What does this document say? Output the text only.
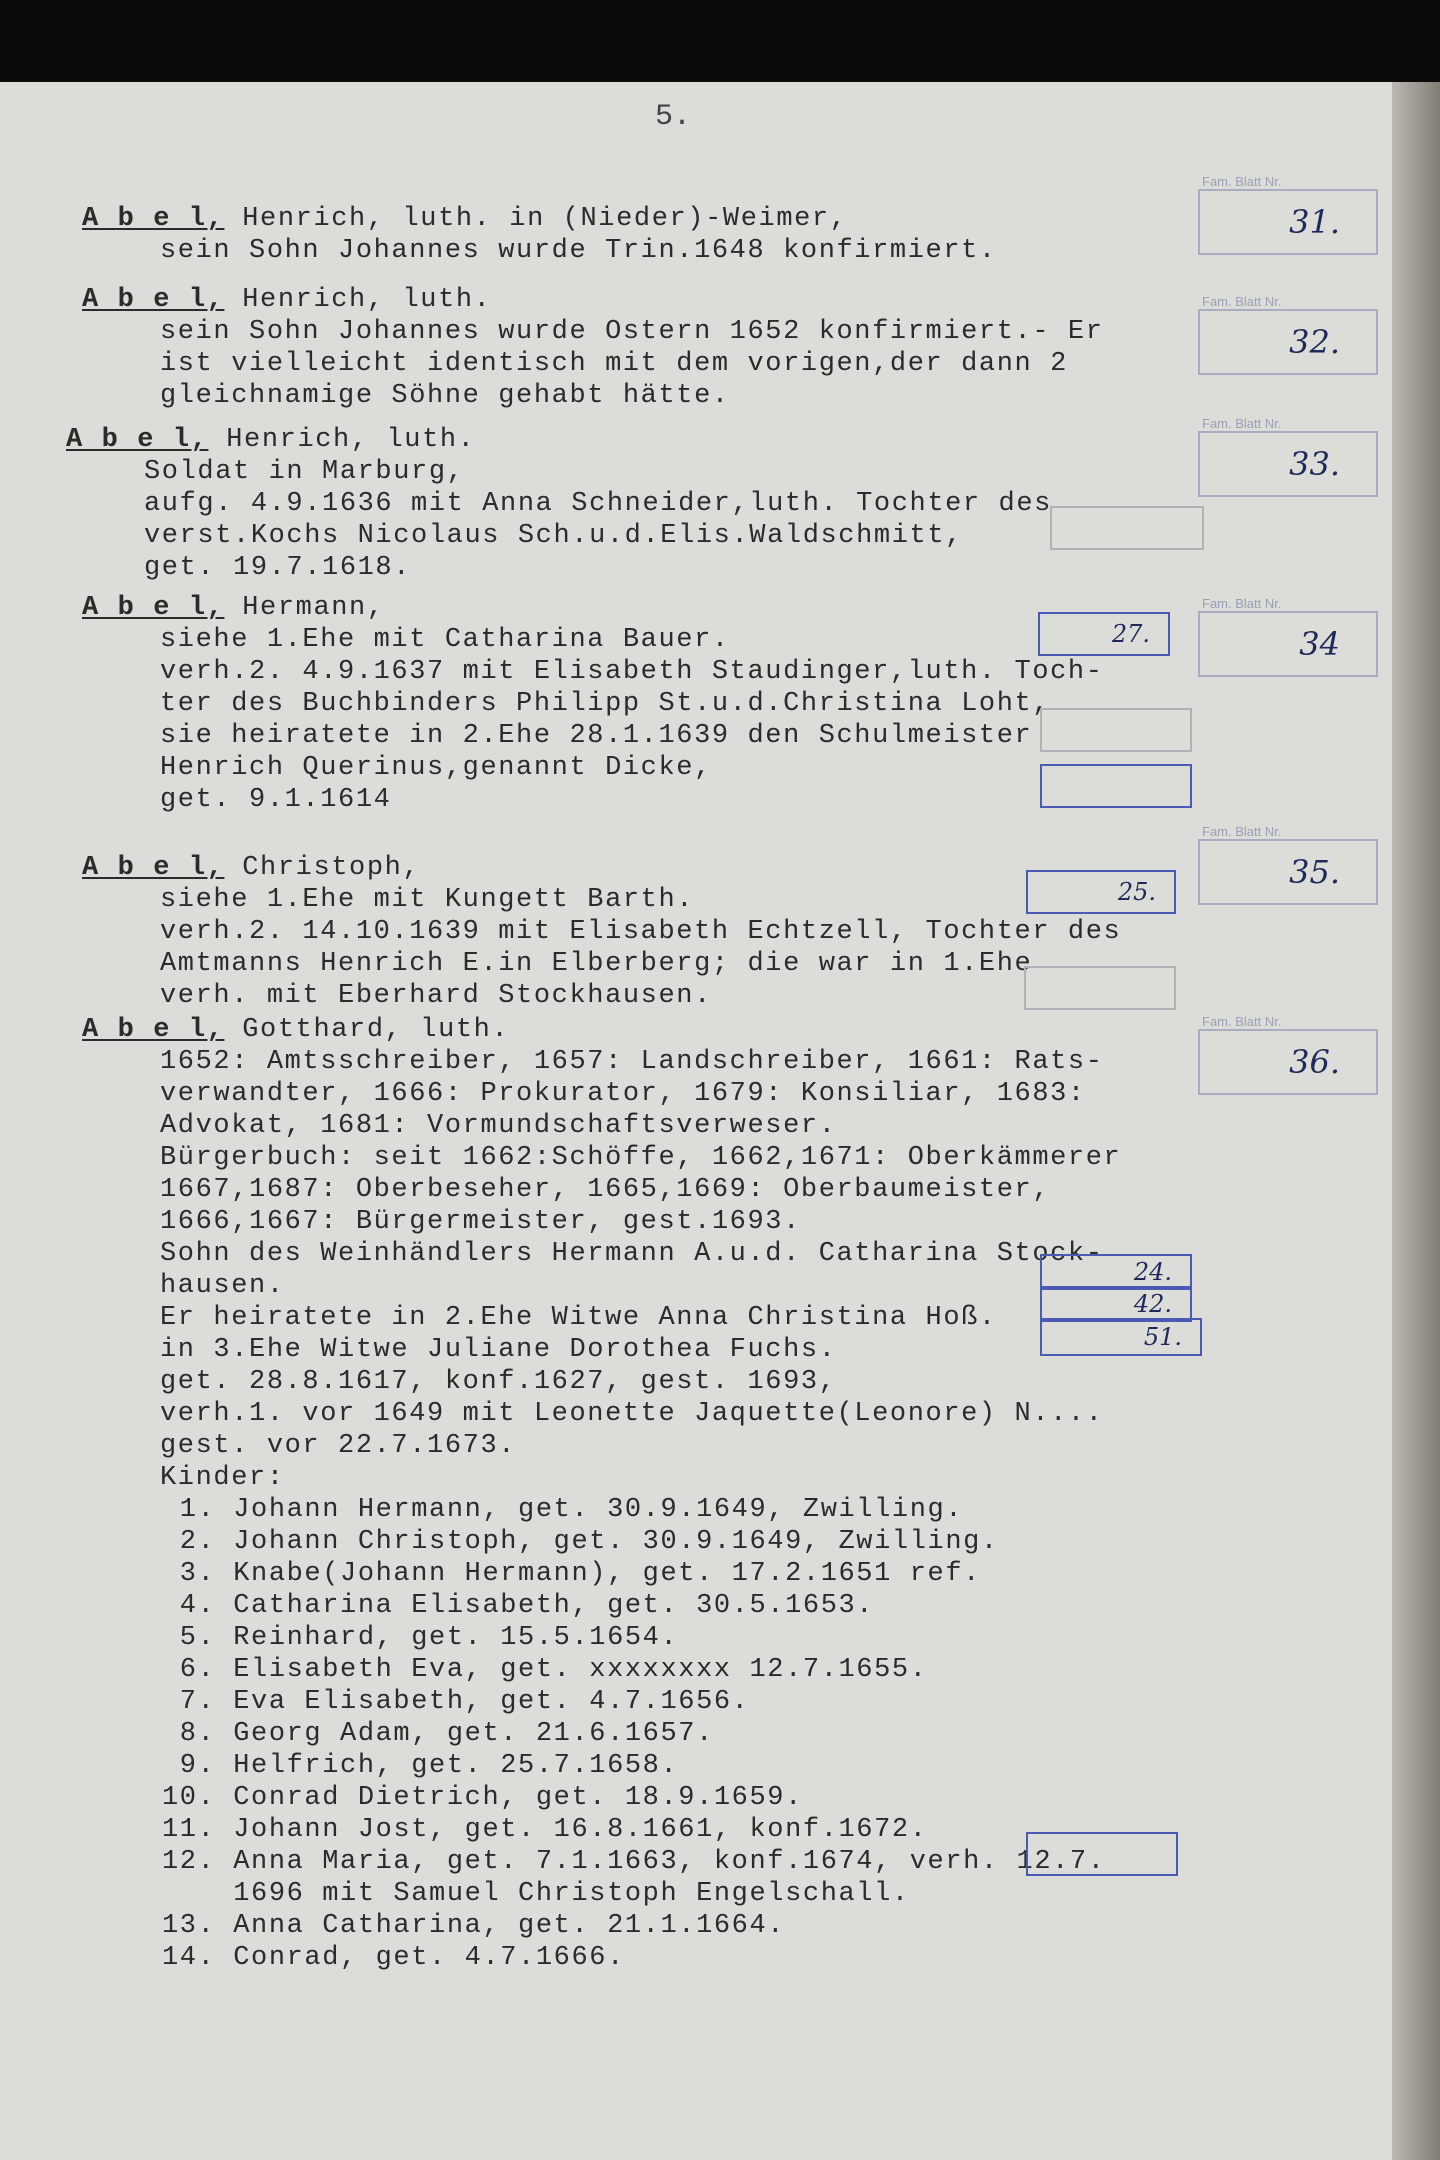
5.
A b e l, Henrich, luth. in (Nieder)-Weimer,
sein Sohn Johannes wurde Trin.1648 konfirmiert.
A b e l, Henrich, luth.
sein Sohn Johannes wurde Ostern 1652 konfirmiert.- Er
ist vielleicht identisch mit dem vorigen,der dann 2
gleichnamige Söhne gehabt hätte.
A b e l, Henrich, luth.
Soldat in Marburg,
aufg. 4.9.1636 mit Anna Schneider,luth. Tochter des
verst.Kochs Nicolaus Sch.u.d.Elis.Waldschmitt,
get. 19.7.1618.
A b e l, Hermann,
siehe 1.Ehe mit Catharina Bauer.
verh.2. 4.9.1637 mit Elisabeth Staudinger,luth. Toch-
ter des Buchbinders Philipp St.u.d.Christina Loht,
sie heiratete in 2.Ehe 28.1.1639 den Schulmeister
Henrich Querinus,genannt Dicke,
get. 9.1.1614
A b e l, Christoph,
siehe 1.Ehe mit Kungett Barth.
verh.2. 14.10.1639 mit Elisabeth Echtzell, Tochter des
Amtmanns Henrich E.in Elberberg; die war in 1.Ehe
verh. mit Eberhard Stockhausen.
A b e l, Gotthard, luth.
1652: Amtsschreiber, 1657: Landschreiber, 1661: Rats-
verwandter, 1666: Prokurator, 1679: Konsiliar, 1683:
Advokat, 1681: Vormundschaftsverweser.
Bürgerbuch: seit 1662:Schöffe, 1662,1671: Oberkämmerer
1667,1687: Oberbeseher, 1665,1669: Oberbaumeister,
1666,1667: Bürgermeister, gest.1693.
Sohn des Weinhändlers Hermann A.u.d. Catharina Stock-
hausen.
Er heiratete in 2.Ehe Witwe Anna Christina Hoß.
in 3.Ehe Witwe Juliane Dorothea Fuchs.
get. 28.8.1617, konf.1627, gest. 1693,
verh.1. vor 1649 mit Leonette Jaquette(Leonore) N....
gest. vor 22.7.1673.
Kinder:
1. Johann Hermann, get. 30.9.1649, Zwilling.
2. Johann Christoph, get. 30.9.1649, Zwilling.
3. Knabe(Johann Hermann), get. 17.2.1651 ref.
4. Catharina Elisabeth, get. 30.5.1653.
5. Reinhard, get. 15.5.1654.
6. Elisabeth Eva, get. xxxxxxxx 12.7.1655.
7. Eva Elisabeth, get. 4.7.1656.
8. Georg Adam, get. 21.6.1657.
9. Helfrich, get. 25.7.1658.
10. Conrad Dietrich, get. 18.9.1659.
11. Johann Jost, get. 16.8.1661, konf.1672.
12. Anna Maria, get. 7.1.1663, konf.1674, verh. 12.7.
1696 mit Samuel Christoph Engelschall.
13. Anna Catharina, get. 21.1.1664.
14. Conrad, get. 4.7.1666.
Fam. Blatt Nr.
31.
Fam. Blatt Nr.
32.
Fam. Blatt Nr.
33.
Fam. Blatt Nr.
34
Fam. Blatt Nr.
35.
Fam. Blatt Nr.
36.
27.
25.
24.
42.
51.
